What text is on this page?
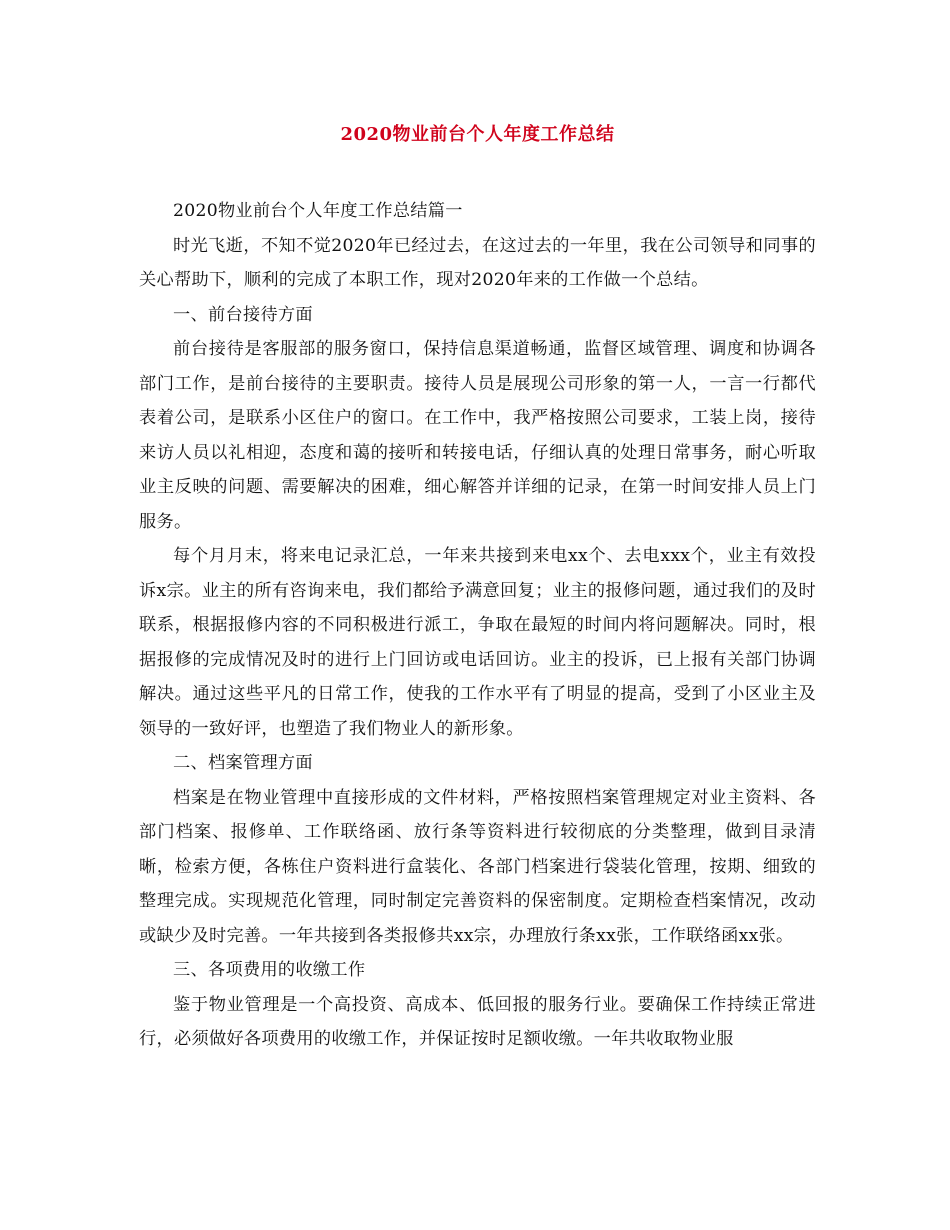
2020物业前台个人年度工作总结

2020物业前台个人年度工作总结篇一

时光飞逝，不知不觉2020年已经过去，在这过去的一年里，我在公司领导和同事的关心帮助下，顺利的完成了本职工作，现对2020年来的工作做一个总结。

一、前台接待方面

前台接待是客服部的服务窗口，保持信息渠道畅通，监督区域管理、调度和协调各部门工作，是前台接待的主要职责。接待人员是展现公司形象的第一人，一言一行都代表着公司，是联系小区住户的窗口。在工作中，我严格按照公司要求，工装上岗，接待来访人员以礼相迎，态度和蔼的接听和转接电话，仔细认真的处理日常事务，耐心听取业主反映的问题、需要解决的困难，细心解答并详细的记录，在第一时间安排人员上门服务。

每个月月末，将来电记录汇总，一年来共接到来电xx个、去电xxx个，业主有效投诉x宗。业主的所有咨询来电，我们都给予满意回复；业主的报修问题，通过我们的及时联系，根据报修内容的不同积极进行派工，争取在最短的时间内将问题解决。同时，根据报修的完成情况及时的进行上门回访或电话回访。业主的投诉，已上报有关部门协调解决。通过这些平凡的日常工作，使我的工作水平有了明显的提高，受到了小区业主及领导的一致好评，也塑造了我们物业人的新形象。

二、档案管理方面

档案是在物业管理中直接形成的文件材料，严格按照档案管理规定对业主资料、各部门档案、报修单、工作联络函、放行条等资料进行较彻底的分类整理，做到目录清晰，检索方便，各栋住户资料进行盒装化、各部门档案进行袋装化管理，按期、细致的整理完成。实现规范化管理，同时制定完善资料的保密制度。定期检查档案情况，改动或缺少及时完善。一年共接到各类报修共xx宗，办理放行条xx张，工作联络函xx张。

三、各项费用的收缴工作

鉴于物业管理是一个高投资、高成本、低回报的服务行业。要确保工作持续正常进行，必须做好各项费用的收缴工作，并保证按时足额收缴。一年共收取物业服
